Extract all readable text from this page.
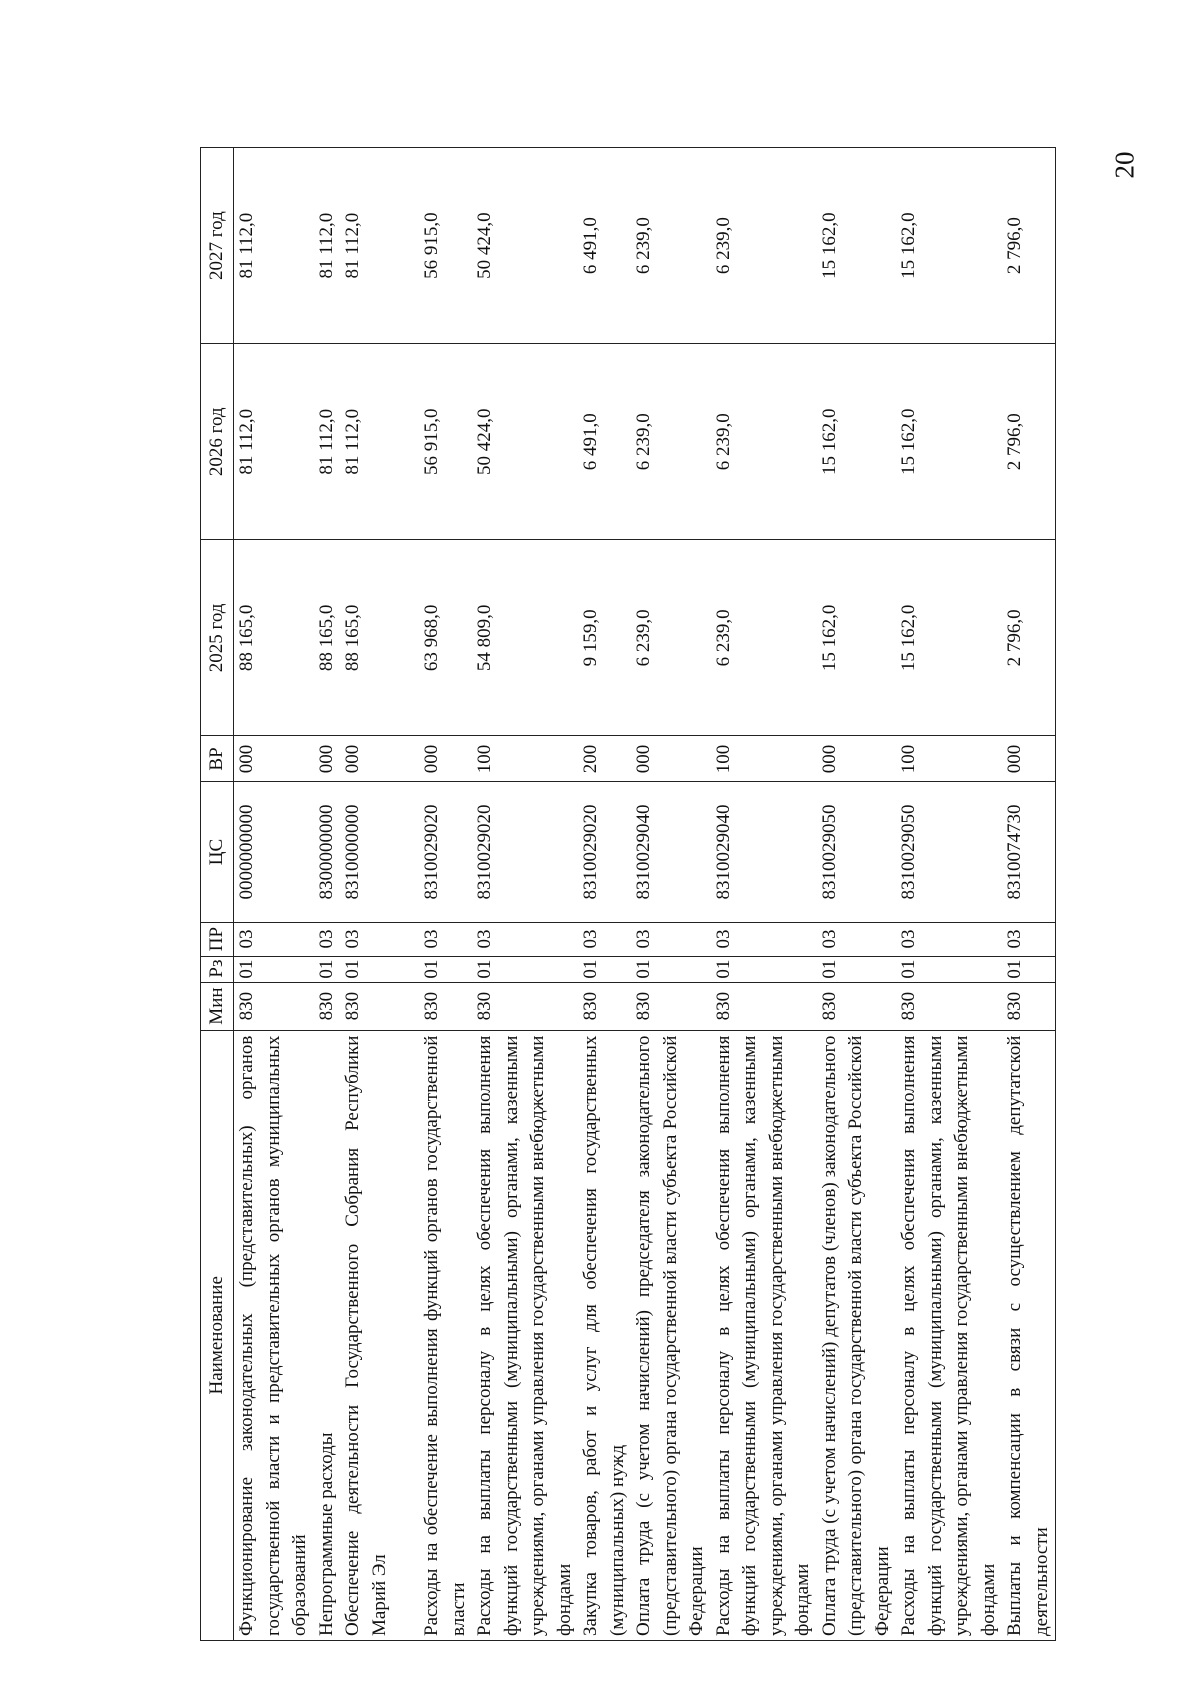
20
Наименование	Мин	Рз	ПР	ЦС	ВР	2025 год	2026 год	2027 год
Функционирование законодательных (представительных) органов государственной власти и представительных органов муниципальных образований	830	01	03	0000000000	000	88 165,0	81 112,0	81 112,0
Непрограммные расходы	830	01	03	8300000000	000	88 165,0	81 112,0	81 112,0
Обеспечение деятельности Государственного Собрания Республики Марий Эл	830	01	03	8310000000	000	88 165,0	81 112,0	81 112,0
Расходы на обеспечение выполнения функций органов государственной власти	830	01	03	8310029020	000	63 968,0	56 915,0	56 915,0
Расходы на выплаты персоналу в целях обеспечения выполнения функций государственными (муниципальными) органами, казенными учреждениями, органами управления государственными внебюджетными фондами	830	01	03	8310029020	100	54 809,0	50 424,0	50 424,0
Закупка товаров, работ и услуг для обеспечения государственных (муниципальных) нужд	830	01	03	8310029020	200	9 159,0	6 491,0	6 491,0
Оплата труда (с учетом начислений) председателя законодательного (представительного) органа государственной власти субъекта Российской Федерации	830	01	03	8310029040	000	6 239,0	6 239,0	6 239,0
Расходы на выплаты персоналу в целях обеспечения выполнения функций государственными (муниципальными) органами, казенными учреждениями, органами управления государственными внебюджетными фондами	830	01	03	8310029040	100	6 239,0	6 239,0	6 239,0
Оплата труда (с учетом начислений) депутатов (членов) законодательного (представительного) органа государственной власти субъекта Российской Федерации	830	01	03	8310029050	000	15 162,0	15 162,0	15 162,0
Расходы на выплаты персоналу в целях обеспечения выполнения функций государственными (муниципальными) органами, казенными учреждениями, органами управления государственными внебюджетными фондами	830	01	03	8310029050	100	15 162,0	15 162,0	15 162,0
Выплаты и компенсации в связи с осуществлением депутатской деятельности	830	01	03	8310074730	000	2 796,0	2 796,0	2 796,0
